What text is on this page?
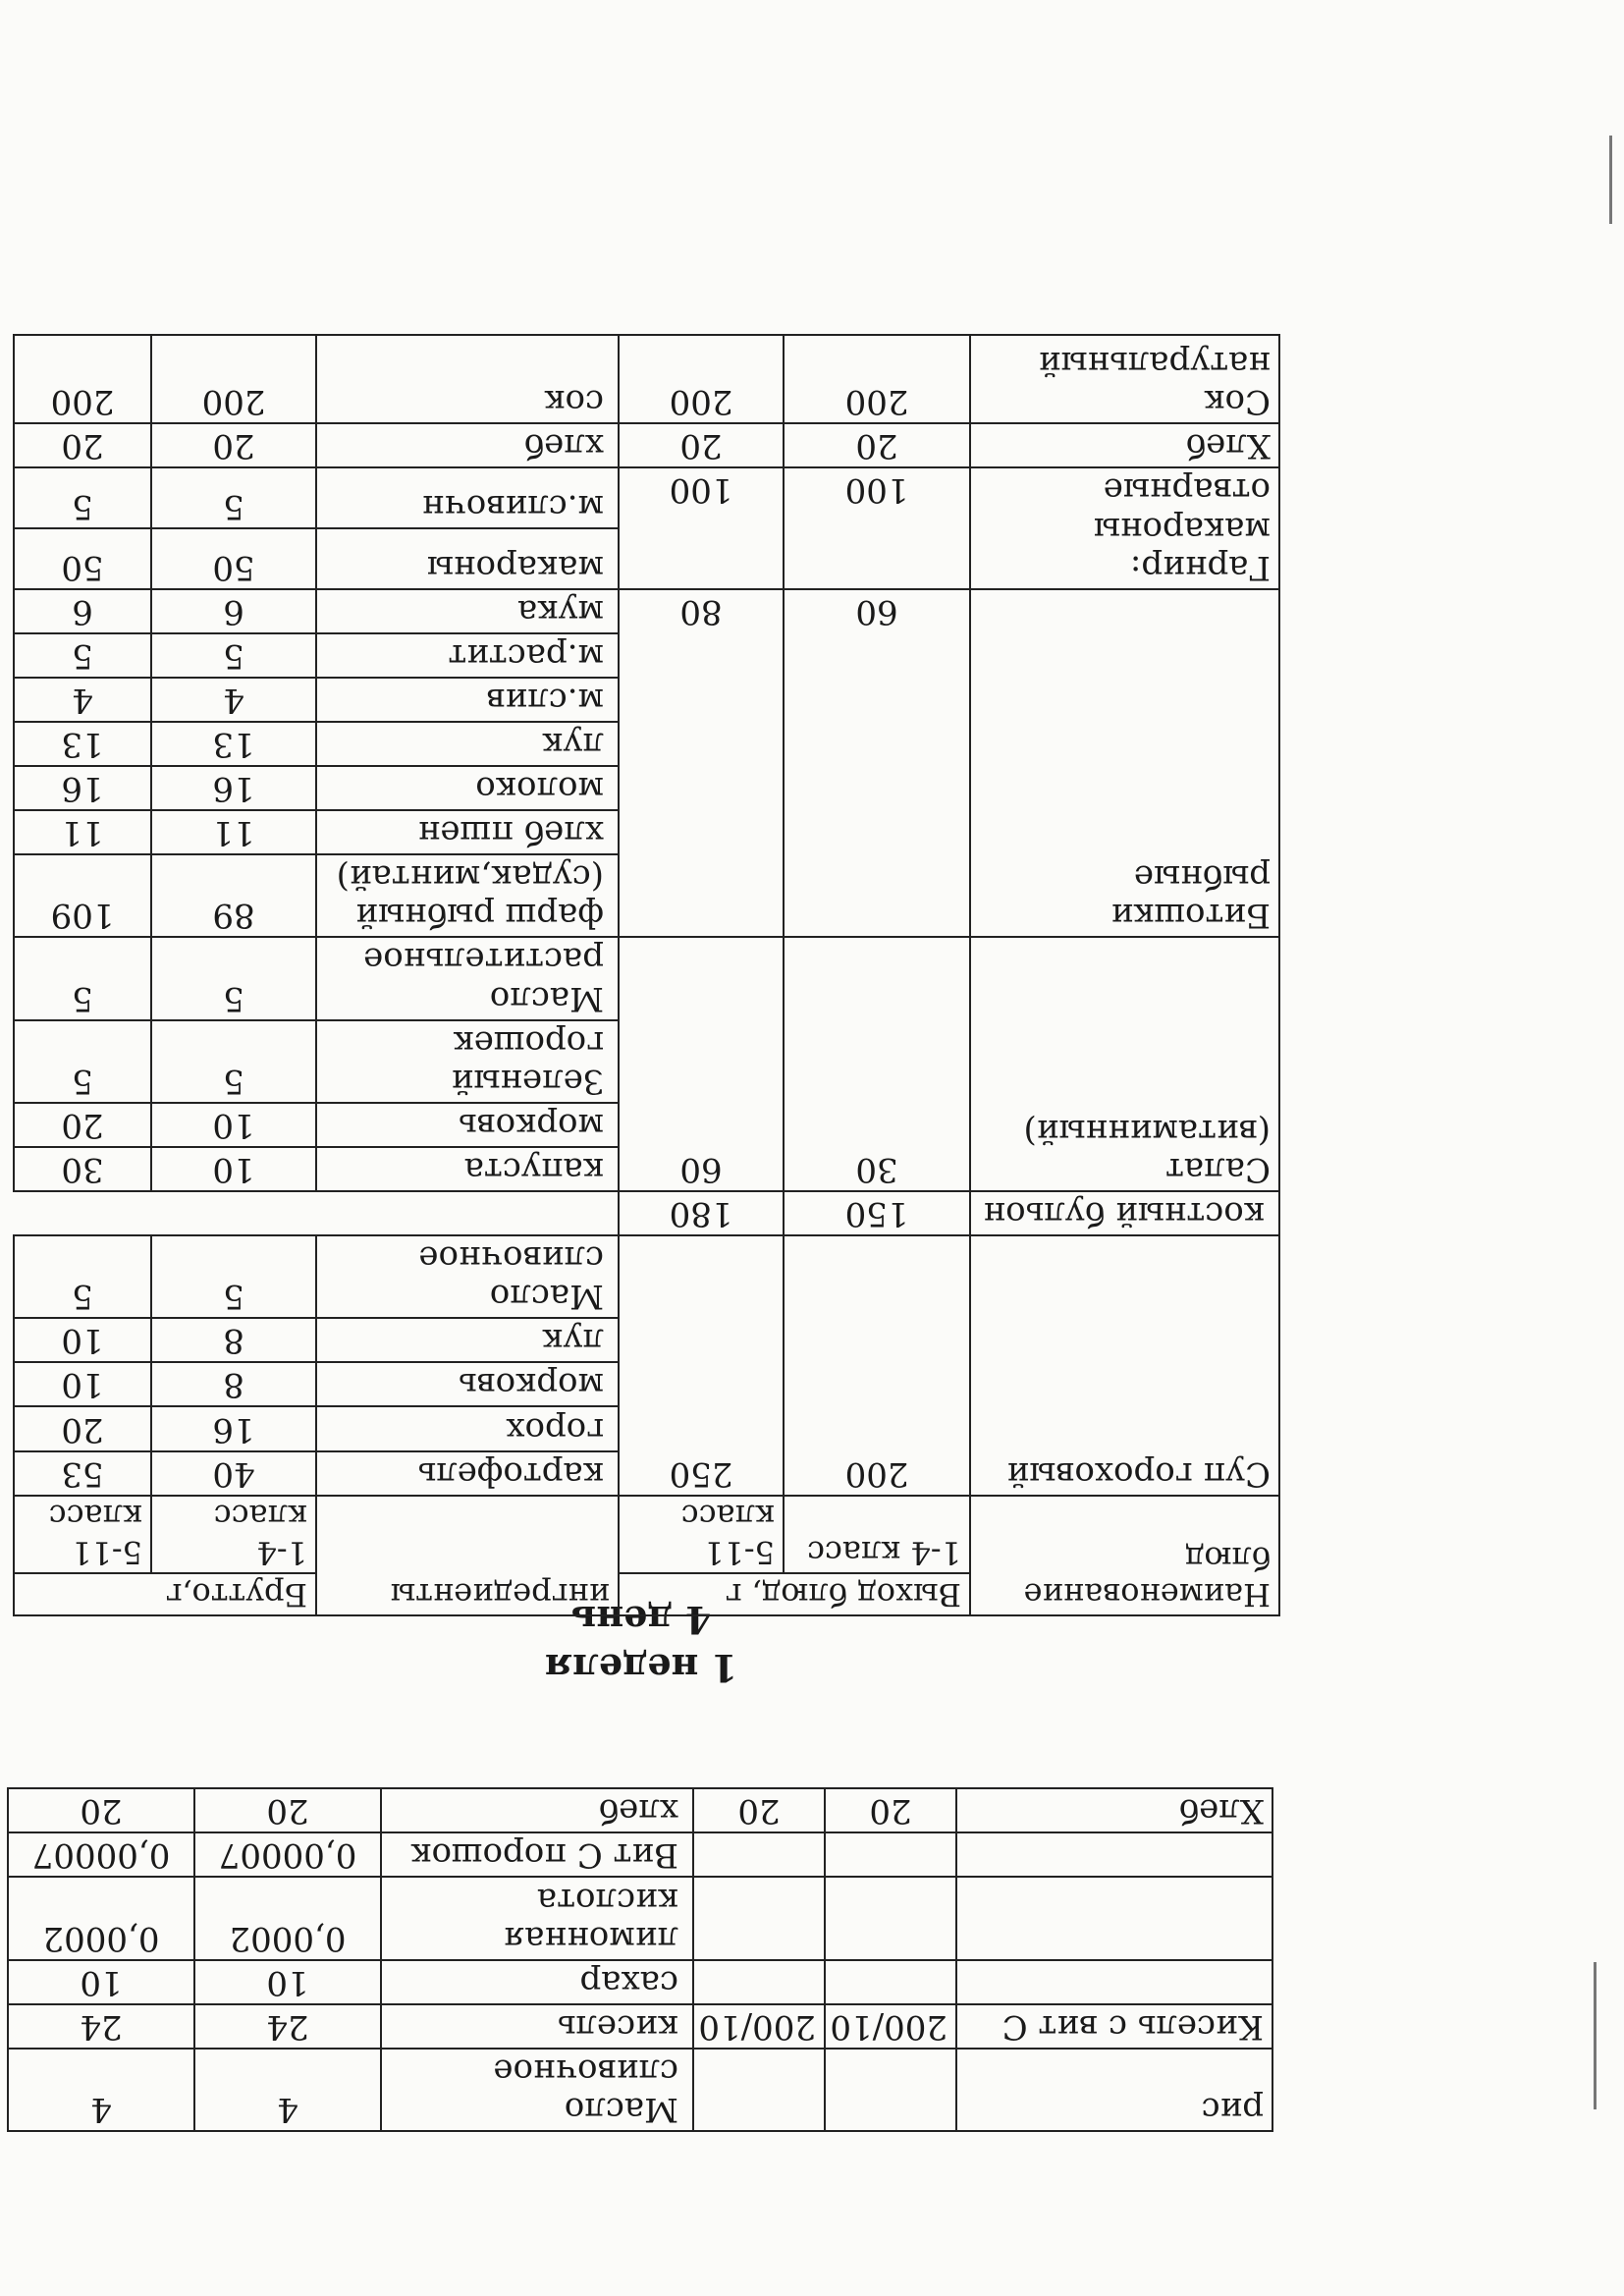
рис			Масло сливочное	4	4
Кисель с вит С	200/10	200/10	кисель	24	24
			сахар	10	10
			лимонная кислота	0,0002	0,0002
			Вит С порошок	0,00007	0,00007
Хлеб	20	20	хлеб	20	20
1 неделя
4 день
Наименование блюд	Выход блюд, г		ингредиенты	Бруттo,г	
	1-4 класс	5-11 класс		1-4 класс	5-11 класс
Суп гороховый	200	250	картофель	40	53
			горох	16	20
			морковь	8	10
			лук	8	10
			Масло сливочное	5	5
костный бульон	150	180			
Салат (витаминный)	30	60	капуста	10	30
			морковь	10	20
			Зеленый горошек	5	5
			Масло растительное	5	5
Битошки рыбные	60	80	фарш рыбный (судак,минтай)	89	109
			хлеб пшен	11	11
			молоко	16	16
			лук	13	13
			м.слив	4	4
			м.растит	5	5
			мука	6	6
Гарнир: макароны отварные	100	100	макароны	50	50
			м.сливочн	5	5
Хлеб	20	20	хлеб	20	20
Сок натуральный	200	200	сок	200	200
